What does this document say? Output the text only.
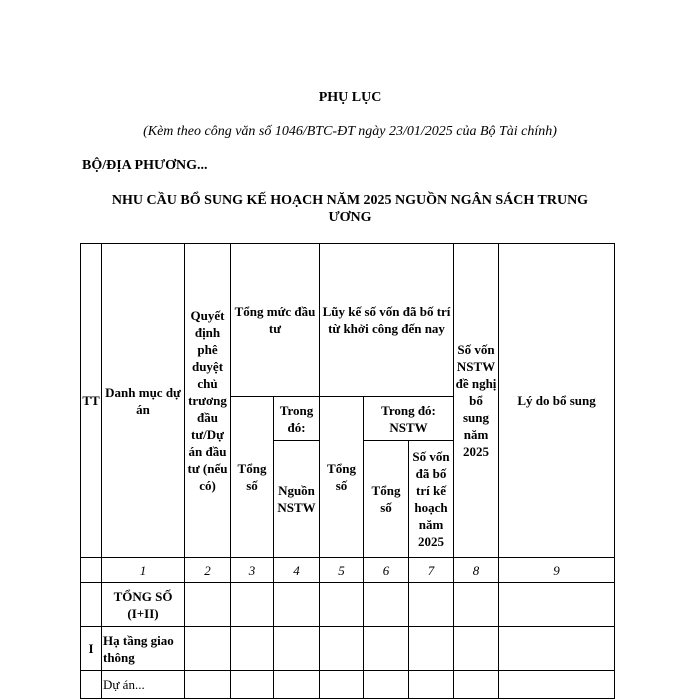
PHỤ LỤC
(Kèm theo công văn số 1046/BTC-ĐT ngày 23/01/2025 của Bộ Tài chính)
BỘ/ĐỊA PHƯƠNG...
NHU CẦU BỔ SUNG KẾ HOẠCH NĂM 2025 NGUỒN NGÂN SÁCH TRUNG ƯƠNG
TT	Danh mục dự án	Quyết định phê duyệt chủ trương đầu tư/Dự án đầu tư (nếu có)	Tổng mức đầu tư		Lũy kế số vốn đã bố trí từ khởi công đến nay			Số vốn NSTW đề nghị bổ sung năm 2025	Lý do bổ sung
			Tổng số	Trong đó:	Tổng số	Trong đó: NSTW			
				Nguồn NSTW		Tổng số	Số vốn đã bố trí kế hoạch năm 2025		
	1	2	3	4	5	6	7	8	9
	TỔNG SỐ (I+II)								
I	Hạ tầng giao thông								
	Dự án...								
